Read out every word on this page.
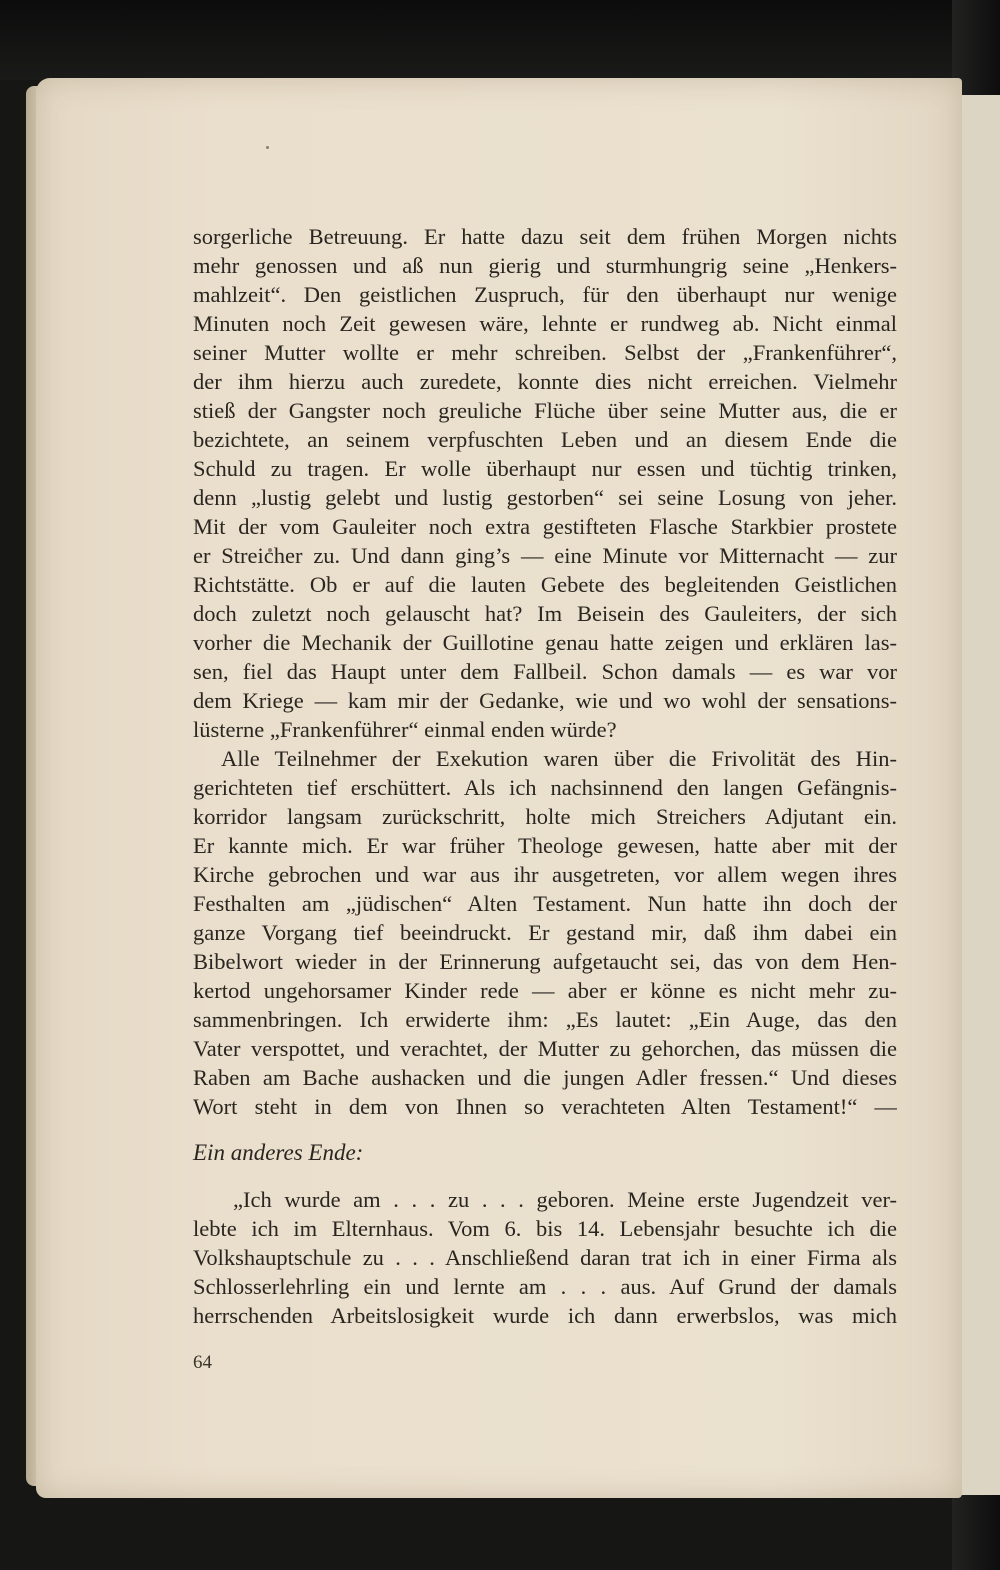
sorgerliche Betreuung. Er hatte dazu seit dem frühen Morgen nichts
mehr genossen und aß nun gierig und sturmhungrig seine „Henkers-
mahlzeit“. Den geistlichen Zuspruch, für den überhaupt nur wenige
Minuten noch Zeit gewesen wäre, lehnte er rundweg ab. Nicht einmal
seiner Mutter wollte er mehr schreiben. Selbst der „Frankenführer“,
der ihm hierzu auch zuredete, konnte dies nicht erreichen. Vielmehr
stieß der Gangster noch greuliche Flüche über seine Mutter aus, die er
bezichtete, an seinem verpfuschten Leben und an diesem Ende die
Schuld zu tragen. Er wolle überhaupt nur essen und tüchtig trinken,
denn „lustig gelebt und lustig gestorben“ sei seine Losung von jeher.
Mit der vom Gauleiter noch extra gestifteten Flasche Starkbier prostete
er Streicher zu. Und dann ging’s — eine Minute vor Mitternacht — zur
Richtstätte. Ob er auf die lauten Gebete des begleitenden Geistlichen
doch zuletzt noch gelauscht hat? Im Beisein des Gauleiters, der sich
vorher die Mechanik der Guillotine genau hatte zeigen und erklären las-
sen, fiel das Haupt unter dem Fallbeil. Schon damals — es war vor
dem Kriege — kam mir der Gedanke, wie und wo wohl der sensations-
lüsterne „Frankenführer“ einmal enden würde?
Alle Teilnehmer der Exekution waren über die Frivolität des Hin-
gerichteten tief erschüttert. Als ich nachsinnend den langen Gefängnis-
korridor langsam zurückschritt, holte mich Streichers Adjutant ein.
Er kannte mich. Er war früher Theologe gewesen, hatte aber mit der
Kirche gebrochen und war aus ihr ausgetreten, vor allem wegen ihres
Festhalten am „jüdischen“ Alten Testament. Nun hatte ihn doch der
ganze Vorgang tief beeindruckt. Er gestand mir, daß ihm dabei ein
Bibelwort wieder in der Erinnerung aufgetaucht sei, das von dem Hen-
kertod ungehorsamer Kinder rede — aber er könne es nicht mehr zu-
sammenbringen. Ich erwiderte ihm: „Es lautet: „Ein Auge, das den
Vater verspottet, und verachtet, der Mutter zu gehorchen, das müssen die
Raben am Bache aushacken und die jungen Adler fressen.“ Und dieses
Wort steht in dem von Ihnen so verachteten Alten Testament!“ —
Ein anderes Ende:
„Ich wurde am . . . zu . . . geboren. Meine erste Jugendzeit ver-
lebte ich im Elternhaus. Vom 6. bis 14. Lebensjahr besuchte ich die
Volkshauptschule zu . . . Anschließend daran trat ich in einer Firma als
Schlosserlehrling ein und lernte am . . . aus. Auf Grund der damals
herrschenden Arbeitslosigkeit wurde ich dann erwerbslos, was mich
64
